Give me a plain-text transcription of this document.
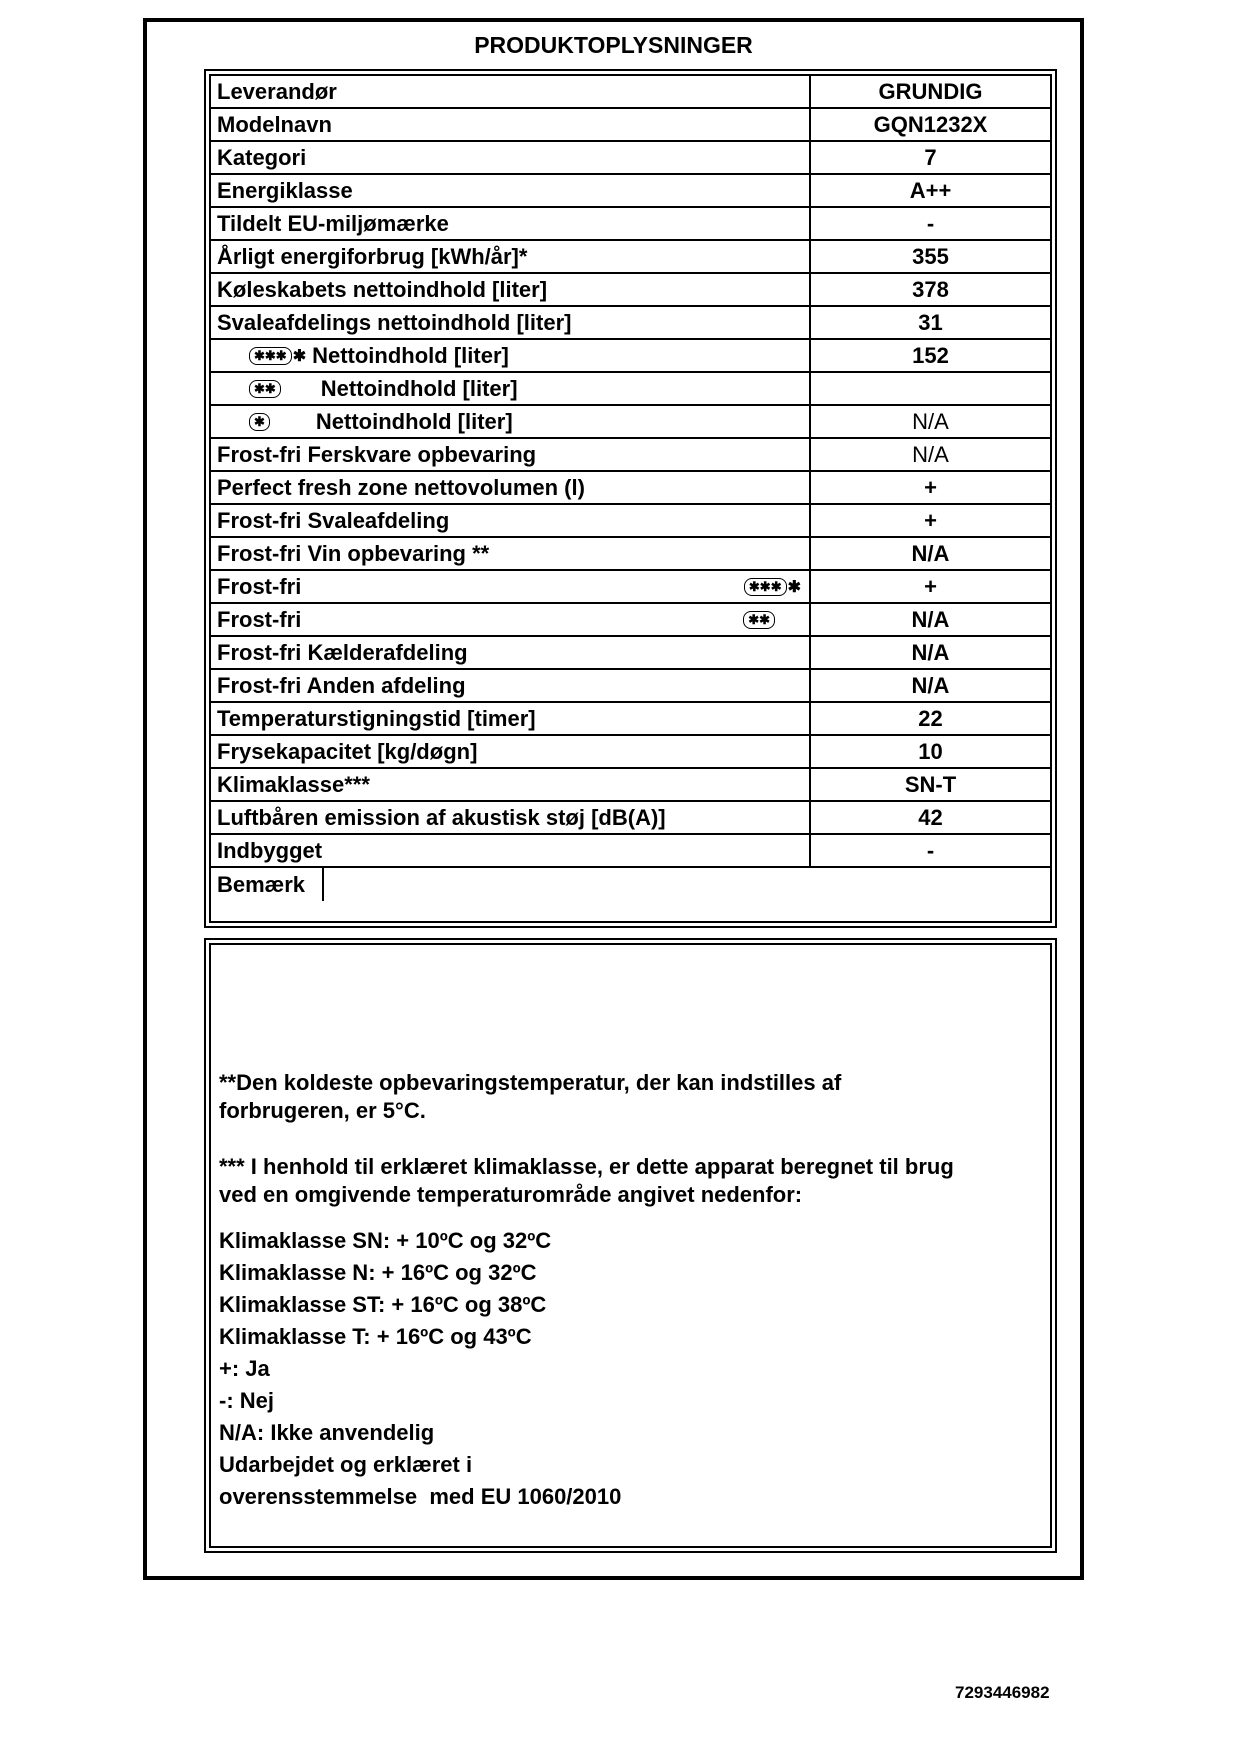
PRODUKTOPLYSNINGER
Leverandør	GRUNDIG
Modelnavn	GQN1232X
Kategori	7
Energiklasse	A++
Tildelt EU-miljømærke	-
Årligt energiforbrug [kWh/år]*	355
Køleskabets nettoindhold [liter]	378
Svaleafdelings nettoindhold [liter]	31
✱✱✱ ✱ Nettoindhold [liter]	152
✱✱ Nettoindhold [liter]
✱ Nettoindhold [liter]	N/A
Frost-fri Ferskvare opbevaring	N/A
Perfect fresh zone nettovolumen (l)	+
Frost-fri Svaleafdeling	+
Frost-fri Vin opbevaring **	N/A
Frost-fri	✱✱✱ ✱	+
Frost-fri	✱✱	N/A
Frost-fri Kælderafdeling	N/A
Frost-fri Anden afdeling	N/A
Temperaturstigningstid [timer]	22
Frysekapacitet [kg/døgn]	10
Klimaklasse***	SN-T
Luftbåren emission af akustisk støj [dB(A)]	42
Indbygget	-
Bemærk
**Den koldeste opbevaringstemperatur, der kan indstilles af
forbrugeren, er 5°C.
*** I henhold til erklæret klimaklasse, er dette apparat beregnet til brug
ved en omgivende temperaturområde angivet nedenfor:
Klimaklasse SN: + 10ºC og 32ºC
Klimaklasse N: + 16ºC og 32ºC
Klimaklasse ST: + 16ºC og 38ºC
Klimaklasse T: + 16ºC og 43ºC
+: Ja
-: Nej
N/A: Ikke anvendelig
Udarbejdet og erklæret i
overensstemmelse  med EU 1060/2010
7293446982
